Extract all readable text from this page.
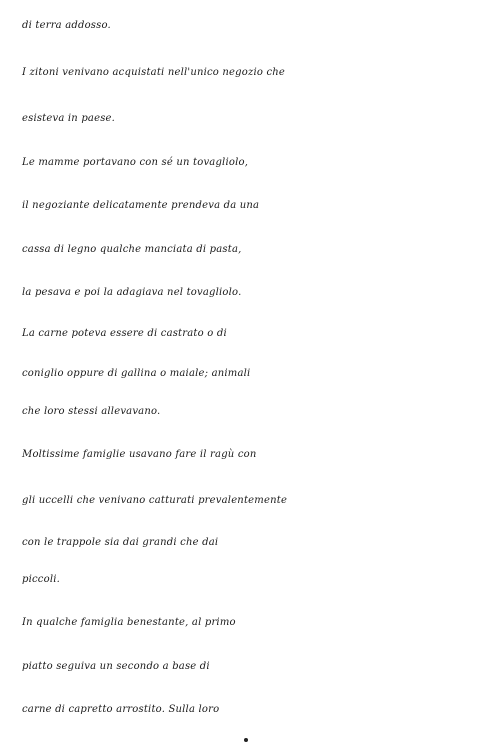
di terra addosso.
I zitoni venivano acquistati nell'unico negozio che
esisteva in paese.
Le mamme portavano con sé un tovagliolo,
il negoziante delicatamente prendeva da una
cassa di legno qualche manciata di pasta,
la pesava e poi la adagiava nel tovagliolo.
La carne poteva essere di castrato o di
coniglio oppure di gallina o maiale; animali
che loro stessi allevavano.
Moltissime famiglie usavano fare il ragù con
gli uccelli che venivano catturati prevalentemente
con le trappole sia dai grandi che dai
piccoli.
In qualche famiglia benestante, al primo
piatto seguiva un secondo a base di
carne di capretto arrostito. Sulla loro
